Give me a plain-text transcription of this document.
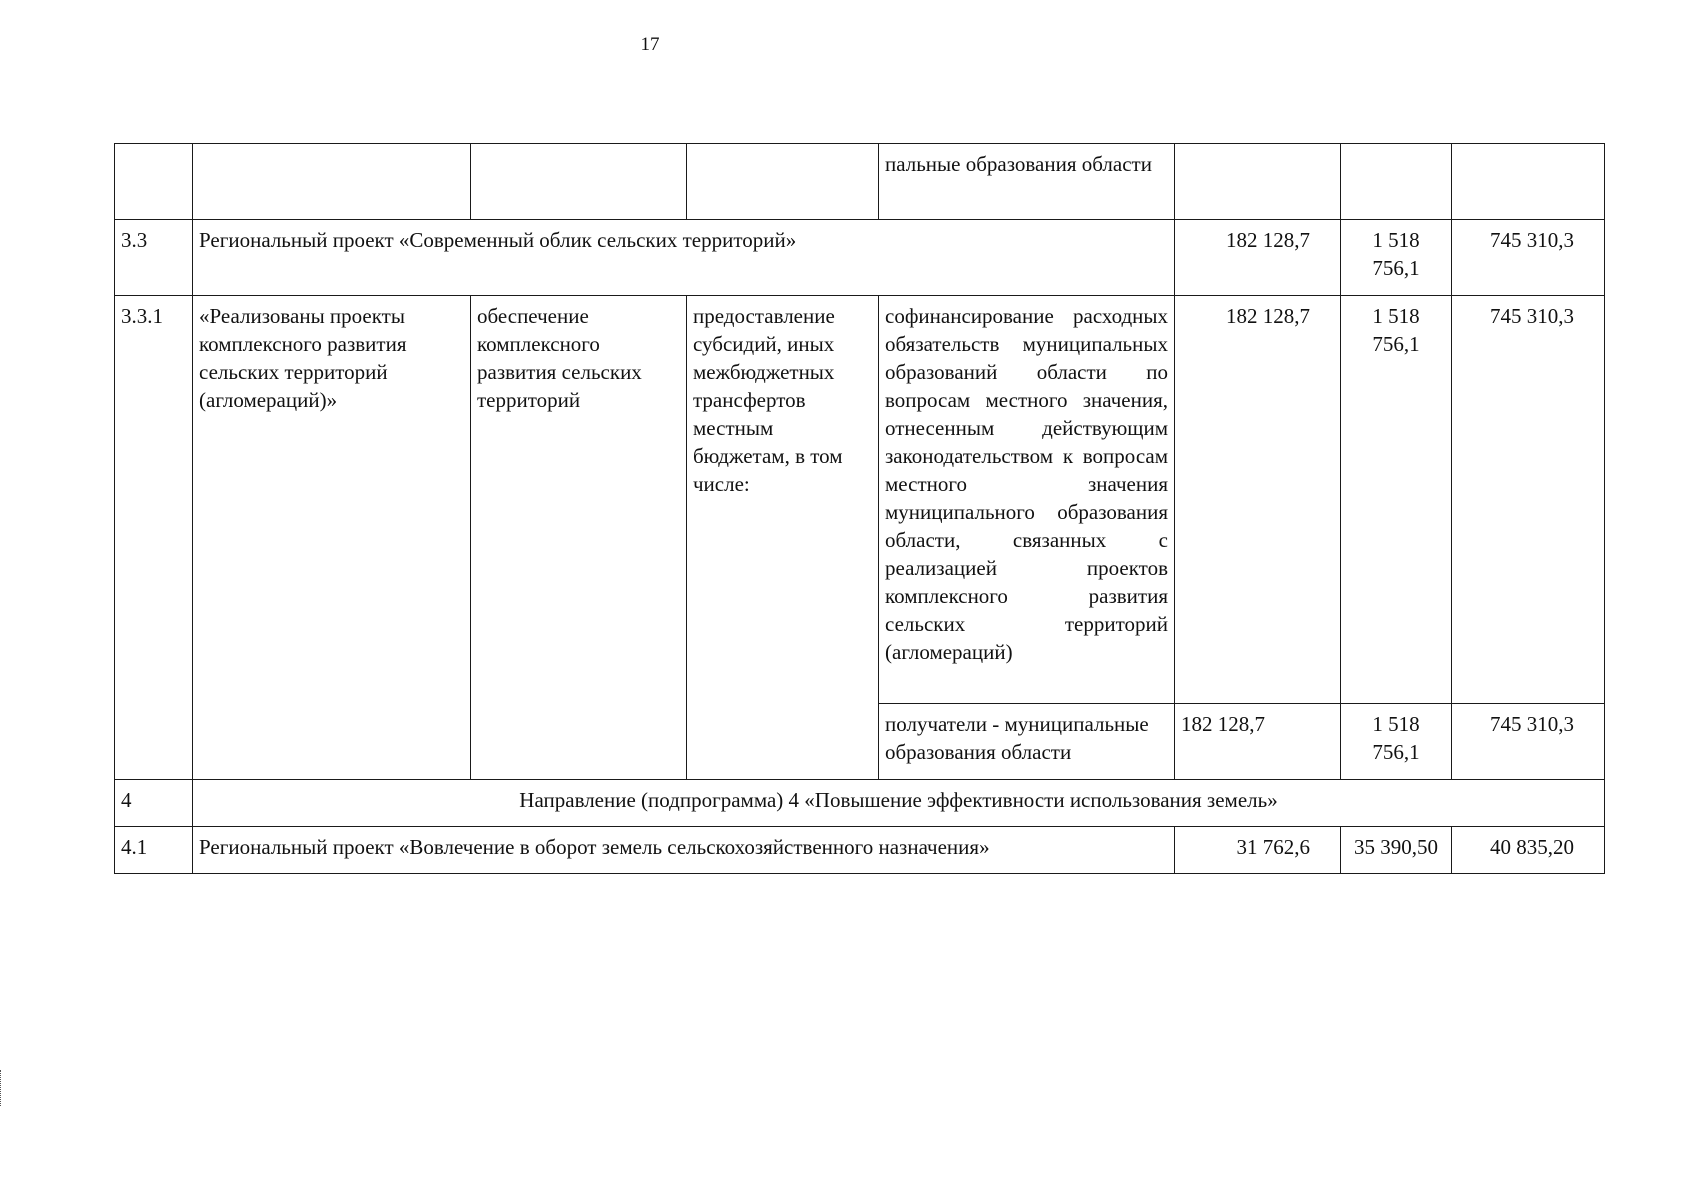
17
				пальные образования области			
3.3	Региональный проект «Современный облик сельских территорий»				182 128,7	1 518 756,1	745 310,3
3.3.1	«Реализованы проекты комплексного развития сельских территорий (агломераций)»	обеспечение комплексного развития сельских территорий	предоставление субсидий, иных межбюджетных трансфертов местным бюджетам, в том числе:	софинансирование расходных обязательств муниципальных образований области по вопросам местного значения, отнесенным действующим законодательством к вопросам местного значения муниципального образования области, связанных с реализацией проектов комплексного развития сельских территорий (агломераций)	182 128,7	1 518 756,1	745 310,3
				получатели - муниципальные образования области	182 128,7	1 518 756,1	745 310,3
4	Направление (подпрограмма) 4 «Повышение эффективности использования земель»						
4.1	Региональный проект «Вовлечение в оборот земель сельскохозяйственного назначения»				31 762,6	35 390,50	40 835,20
